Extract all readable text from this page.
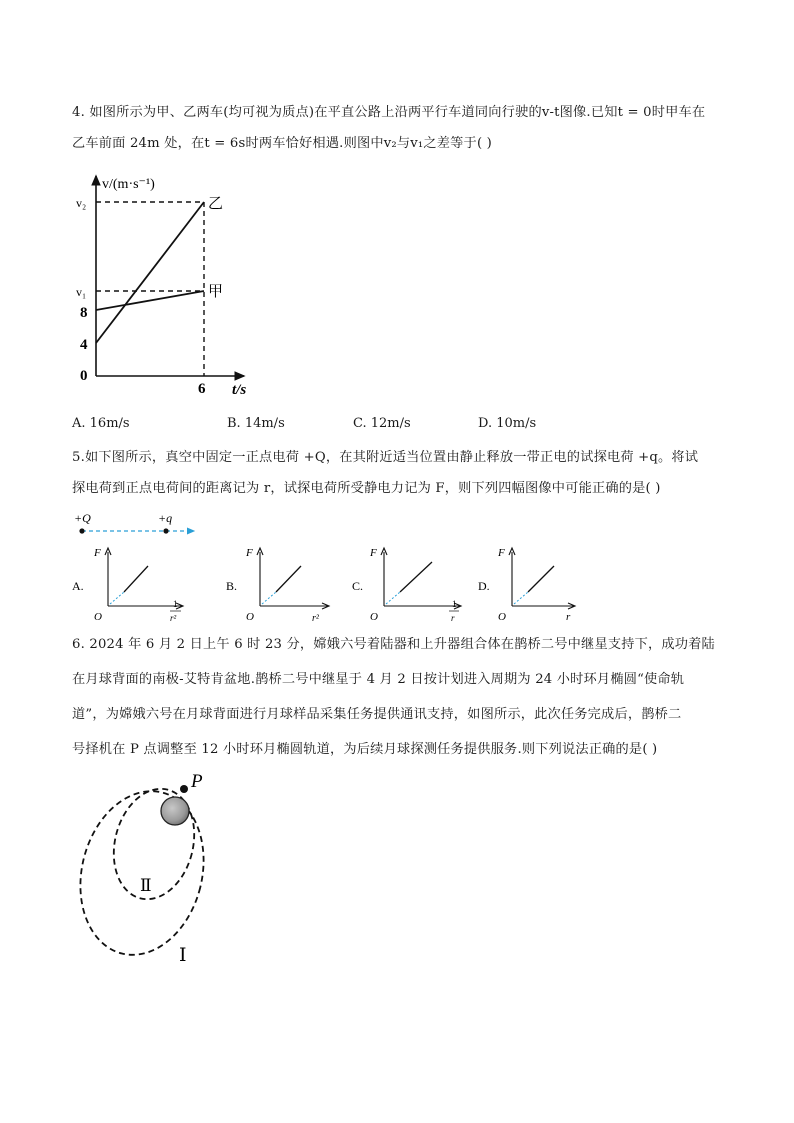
4. 如图所示为甲、乙两车(均可视为质点)在平直公路上沿两平行车道同向行驶的v-t图像.已知t = 0时甲车在

乙车前面 24m 处，在t = 6s时两车恰好相遇.则图中v₂与v₁之差等于( )

v/(m·s⁻¹)
v₂
v₁
8
4
0
6 t/s
乙
甲
A. 16m/s	B. 14m/s	C. 12m/s	D. 10m/s

5.如下图所示，真空中固定一正点电荷 +Q，在其附近适当位置由静止释放一带正电的试探电荷 +q。将试

探电荷到正点电荷间的距离记为 r，试探电荷所受静电力记为 F，则下列四幅图像中可能正确的是( )

+Q	+q
A.
F
O
1
r²
B.
F
O	r²
C.
F
O
1
r
D.
F
O	r

6. 2024 年 6 月 2 日上午 6 时 23 分，嫦娥六号着陆器和上升器组合体在鹊桥二号中继星支持下，成功着陆

在月球背面的南极-艾特肯盆地.鹊桥二号中继星于 4 月 2 日按计划进入周期为 24 小时环月椭圆“使命轨

道”，为嫦娥六号在月球背面进行月球样品采集任务提供通讯支持，如图所示，此次任务完成后，鹊桥二

号择机在 P 点调整至 12 小时环月椭圆轨道，为后续月球探测任务提供服务.则下列说法正确的是( )

P
Ⅱ
Ⅰ
